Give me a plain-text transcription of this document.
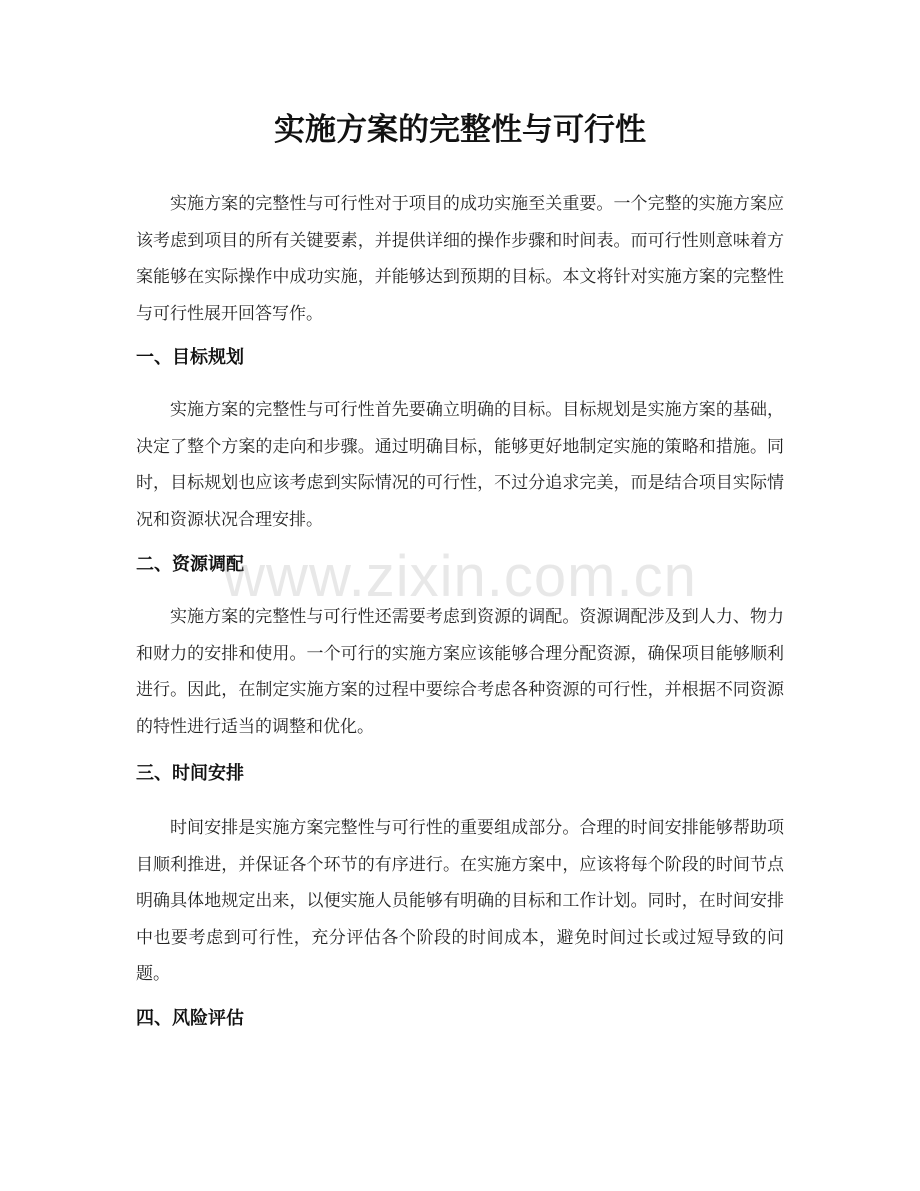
实施方案的完整性与可行性

实施方案的完整性与可行性对于项目的成功实施至关重要。一个完整的实施方案应该考虑到项目的所有关键要素，并提供详细的操作步骤和时间表。而可行性则意味着方案能够在实际操作中成功实施，并能够达到预期的目标。本文将针对实施方案的完整性与可行性展开回答写作。

一、目标规划

实施方案的完整性与可行性首先要确立明确的目标。目标规划是实施方案的基础，决定了整个方案的走向和步骤。通过明确目标，能够更好地制定实施的策略和措施。同时，目标规划也应该考虑到实际情况的可行性，不过分追求完美，而是结合项目实际情况和资源状况合理安排。

二、资源调配

实施方案的完整性与可行性还需要考虑到资源的调配。资源调配涉及到人力、物力和财力的安排和使用。一个可行的实施方案应该能够合理分配资源，确保项目能够顺利进行。因此，在制定实施方案的过程中要综合考虑各种资源的可行性，并根据不同资源的特性进行适当的调整和优化。

三、时间安排

时间安排是实施方案完整性与可行性的重要组成部分。合理的时间安排能够帮助项目顺利推进，并保证各个环节的有序进行。在实施方案中，应该将每个阶段的时间节点明确具体地规定出来，以便实施人员能够有明确的目标和工作计划。同时，在时间安排中也要考虑到可行性，充分评估各个阶段的时间成本，避免时间过长或过短导致的问题。

四、风险评估
www.zixin.com.cn
